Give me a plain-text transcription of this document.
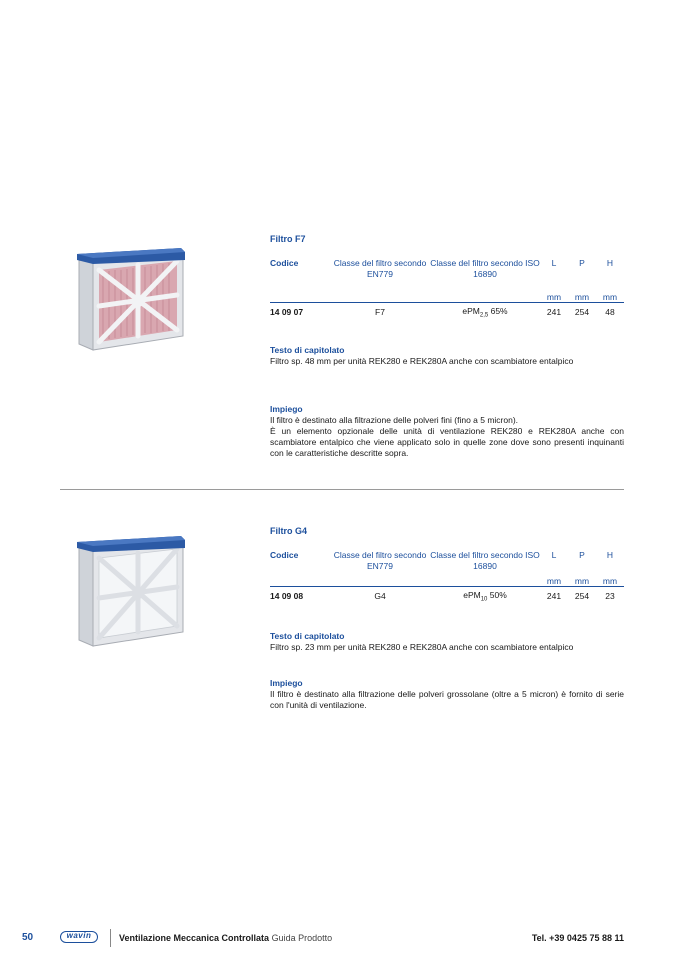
Filtro F7
Codice	Classe del filtro secondo EN779	Classe del filtro secondo ISO 16890	L	P	H
			mm	mm	mm
14 09 07	F7	ePM$_{2,5}$ 65%	241	254	48
Testo di capitolato
Filtro sp. 48 mm per unità REK280 e REK280A anche con scambiatore entalpico
Impiego
Il filtro è destinato alla filtrazione delle polveri fini (fino a 5 micron).
È un elemento opzionale delle unità di ventilazione REK280 e REK280A anche con scambiatore entalpico che viene applicato solo in quelle zone dove sono presenti inquinanti con le caratteristiche descritte sopra.
Filtro G4
Codice	Classe del filtro secondo EN779	Classe del filtro secondo ISO 16890	L	P	H
			mm	mm	mm
14 09 08	G4	ePM$_{10}$ 50%	241	254	23
Testo di capitolato
Filtro sp. 23 mm per unità REK280 e REK280A anche con scambiatore entalpico
Impiego
Il filtro è destinato alla filtrazione delle polveri grossolane (oltre a 5 micron) è fornito di serie con l'unità di ventilazione.
50	wavin	Ventilazione Meccanica Controllata Guida Prodotto	Tel. +39 0425 75 88 11
